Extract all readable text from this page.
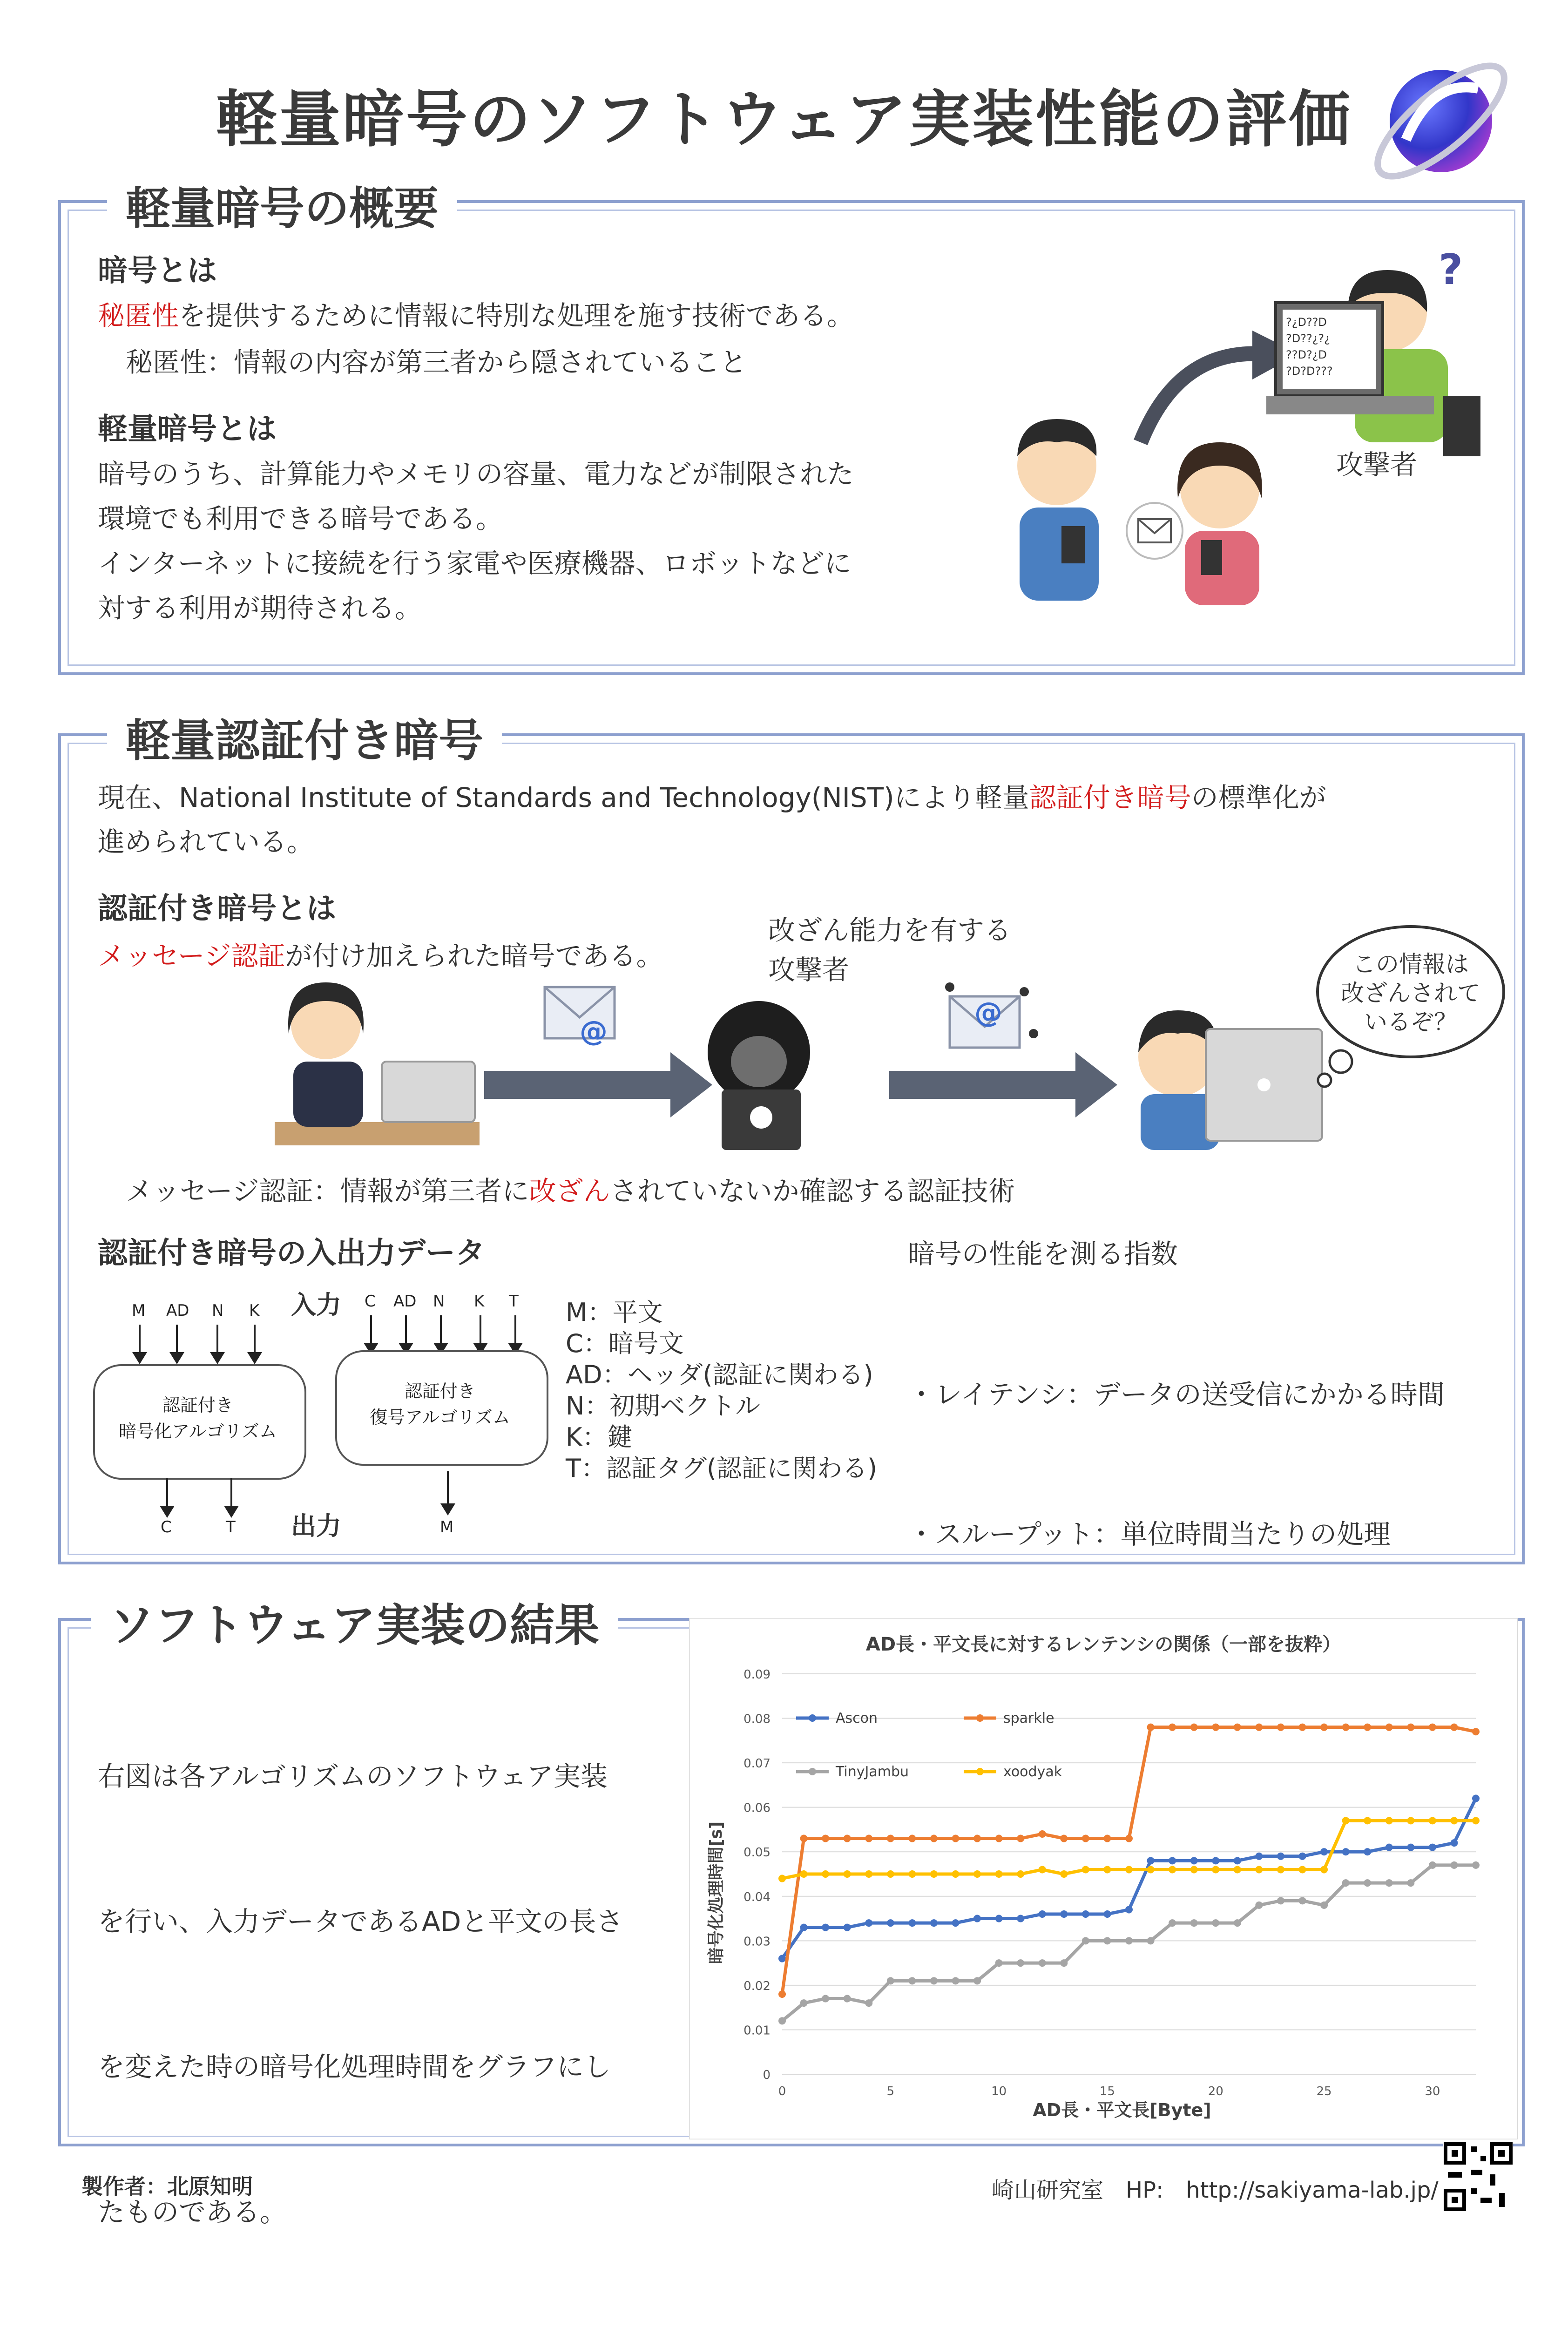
軽量暗号のソフトウェア実装性能の評価
軽量暗号の概要
暗号とは
秘匿性を提供するために情報に特別な処理を施す技術である。
秘匿性：情報の内容が第三者から隠されていること
軽量暗号とは
暗号のうち、計算能力やメモリの容量、電力などが制限された
環境でも利用できる暗号である。
インターネットに接続を行う家電や医療機器、ロボットなどに
対する利用が期待される。
?¿D??D
?D??¿?¿
??D?¿D
?D?D???
?
攻撃者
軽量認証付き暗号
現在、National Institute of Standards and Technology(NIST)により軽量認証付き暗号の標準化が
進められている。
認証付き暗号とは
メッセージ認証が付け加えられた暗号である。
改ざん能力を有する
攻撃者
@
@
この情報は
改ざんされて
いるぞ？
メッセージ認証：情報が第三者に改ざんされていないか確認する認証技術
認証付き暗号の入出力データ
入力
出力
M AD N K
認証付き
暗号化アルゴリズム
C	T
C AD N K T
認証付き
復号アルゴリズム
M
M：平文
C：暗号文
AD：ヘッダ(認証に関わる)
N：初期ベクトル
K：鍵
T：認証タグ(認証に関わる)
暗号の性能を測る指数

・レイテンシ：データの送受信にかかる時間

・スループット：単位時間当たりの処理

ソフトウェア実装の結果

右図は各アルゴリズムのソフトウェア実装

を行い、入力データであるADと平文の長さ

を変えた時の暗号化処理時間をグラフにし

たものである。

AD長・平文長に対するレンテンシの関係（一部を抜粋）
0
0.01
0.02
0.03
0.04
0.05
0.06
0.07
0.08
0.09
0	5	10	15	20	25	30
Ascon	sparkle
TinyJambu	xoodyak
AD長・平文長[Byte]
暗号化処理時間[s]
製作者：北原知明	崎山研究室　HP:　http://sakiyama-lab.jp/
